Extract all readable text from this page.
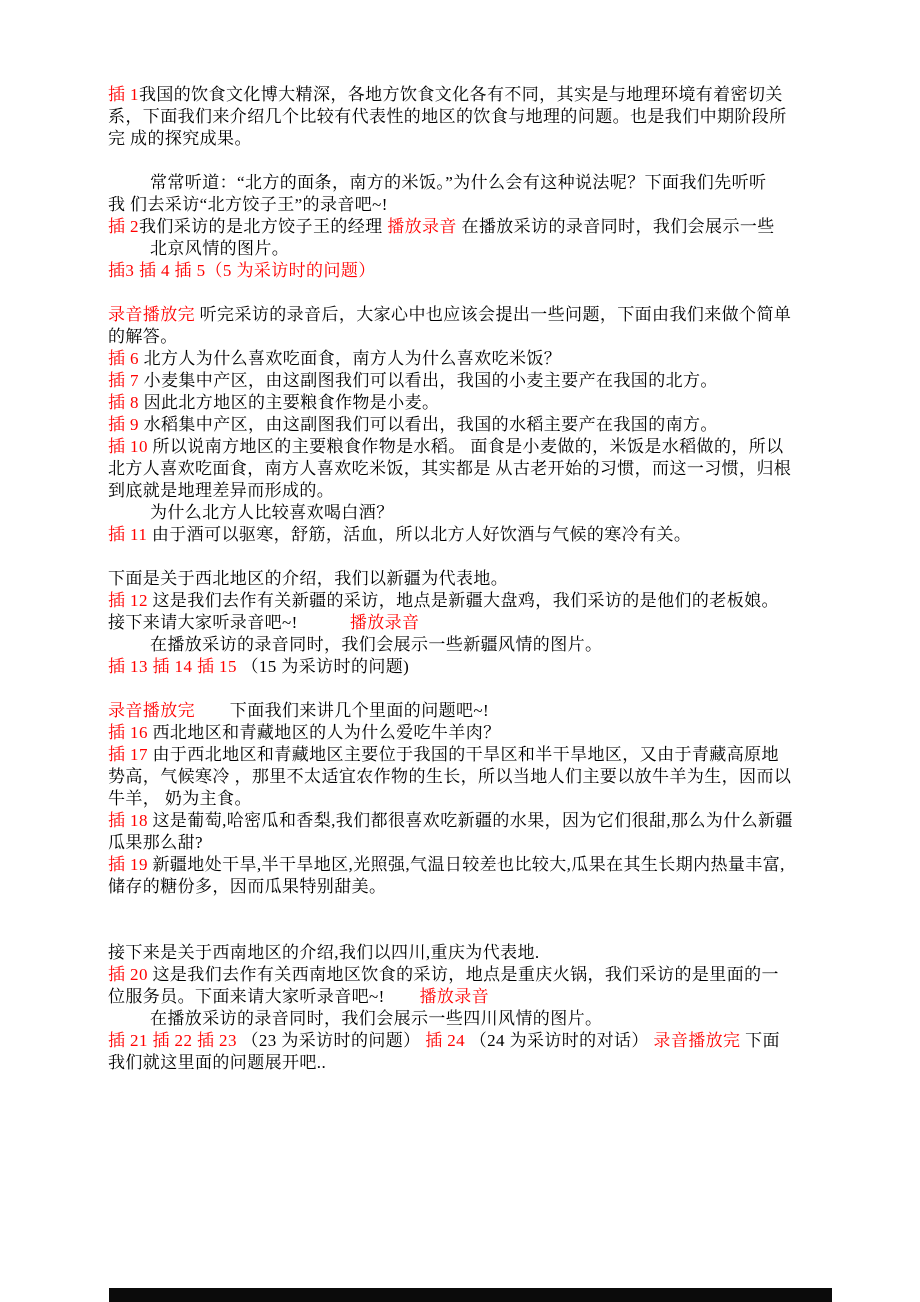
插 1我国的饮食文化博大精深，各地方饮食文化各有不同，其实是与地理环境有着密切关
系，下面我们来介绍几个比较有代表性的地区的饮食与地理的问题。也是我们中期阶段所
完 成的探究成果。
常常听道：“北方的面条，南方的米饭。”为什么会有这种说法呢？下面我们先听听
我 们去采访“北方饺子王”的录音吧~!
插 2我们采访的是北方饺子王的经理 播放录音 在播放采访的录音同时，我们会展示一些
北京风情的图片。
插3 插 4 插 5（5 为采访时的问题）
录音播放完 听完采访的录音后，大家心中也应该会提出一些问题，下面由我们来做个简单
的解答。
插 6 北方人为什么喜欢吃面食，南方人为什么喜欢吃米饭？
插 7 小麦集中产区，由这副图我们可以看出，我国的小麦主要产在我国的北方。
插 8 因此北方地区的主要粮食作物是小麦。
插 9 水稻集中产区，由这副图我们可以看出，我国的水稻主要产在我国的南方。
插 10 所以说南方地区的主要粮食作物是水稻。 面食是小麦做的，米饭是水稻做的，所以
北方人喜欢吃面食，南方人喜欢吃米饭，其实都是 从古老开始的习惯，而这一习惯，归根
到底就是地理差异而形成的。
为什么北方人比较喜欢喝白酒？
插 11 由于酒可以驱寒，舒筋，活血，所以北方人好饮酒与气候的寒冷有关。
下面是关于西北地区的介绍，我们以新疆为代表地。
插 12 这是我们去作有关新疆的采访，地点是新疆大盘鸡，我们采访的是他们的老板娘。
接下来请大家听录音吧~!　　　播放录音
在播放采访的录音同时，我们会展示一些新疆风情的图片。
插 13 插 14 插 15 （15 为采访时的问题)
录音播放完　　下面我们来讲几个里面的问题吧~!
插 16 西北地区和青藏地区的人为什么爱吃牛羊肉？
插 17 由于西北地区和青藏地区主要位于我国的干旱区和半干旱地区，又由于青藏高原地
势高，气候寒冷 ，那里不太适宜农作物的生长，所以当地人们主要以放牛羊为生，因而以
牛羊， 奶为主食。
插 18 这是葡萄,哈密瓜和香梨,我们都很喜欢吃新疆的水果，因为它们很甜,那么为什么新疆
瓜果那么甜?
插 19 新疆地处干旱,半干旱地区,光照强,气温日较差也比较大,瓜果在其生长期内热量丰富,
储存的糖份多，因而瓜果特别甜美。
接下来是关于西南地区的介绍,我们以四川,重庆为代表地.
插 20 这是我们去作有关西南地区饮食的采访，地点是重庆火锅，我们采访的是里面的一
位服务员。下面来请大家听录音吧~!　　播放录音
在播放采访的录音同时，我们会展示一些四川风情的图片。
插 21 插 22 插 23 （23 为采访时的问题） 插 24 （24 为采访时的对话） 录音播放完 下面
我们就这里面的问题展开吧..
